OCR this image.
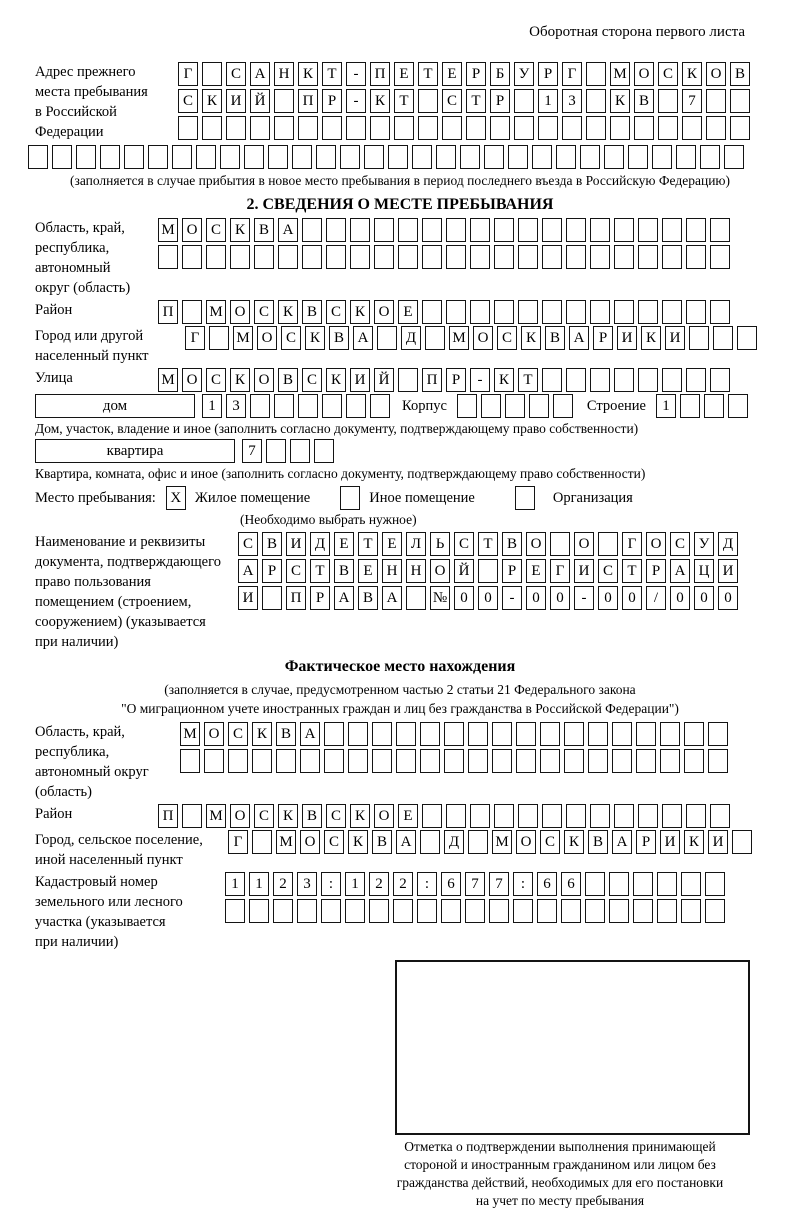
Оборотная сторона первого листа
Адрес прежнего
места пребывания
в Российской
Федерации
Г	С А Н К Т	-	П Е Т Е	Р	Б У Р	Г	М О С К О В
С К И Й	П Р	-	К Т	С Т	Р	1	3	К В	7
(заполняется в случае прибытия в новое место пребывания в период последнего въезда в Российскую Федерацию)
2. СВЕДЕНИЯ О МЕСТЕ ПРЕБЫВАНИЯ
Область, край,
республика,
автономный
округ (область)
М О С К В А
Район	П	М О С К В С К О Е
Город или другой
населенный пункт
Г	М О С К В А	Д	М О С К В А Р И К И
Улица	М О С К О В С К И Й	П Р	-	К Т
дом	1	3	Корпус	Строение	1
Дом, участок, владение и иное (заполнить согласно документу, подтверждающему право собственности)
квартира	7
Квартира, комната, офис и иное (заполнить согласно документу, подтверждающему право собственности)
Место пребывания: X Жилое помещение	Иное помещение	Организация
(Необходимо выбрать нужное)
Наименование и реквизиты
документа, подтверждающего
право пользования
помещением (строением,
сооружением) (указывается
при наличии)
С В И Д Е Т Е Л Ь С Т В О	О	Г О С У Д
А Р С Т В Е Н Н О Й	Р	Е	Г И С Т	Р А Ц И
И	П Р А В А	№ 0	0	-	0	0	-	0	0	/	0	0	0
Фактическое место нахождения
(заполняется в случае, предусмотренном частью 2 статьи 21 Федерального закона
"О миграционном учете иностранных граждан и лиц без гражданства в Российской Федерации")
Область, край,
республика,
автономный округ
(область)
М О С К В А
Район	П	М О С К В С К О Е
Город, сельское поселение,
иной населенный пункт
Г	М О С К В А	Д	М О С К В А Р И К И
Кадастровый номер
земельного или лесного
участка (указывается
при наличии)
1	1	2	3	:	1	2	2	:	6	7	7	:	6	6
Отметка о подтверждении выполнения принимающей
стороной и иностранным гражданином или лицом без
гражданства действий, необходимых для его постановки
на учет по месту пребывания
